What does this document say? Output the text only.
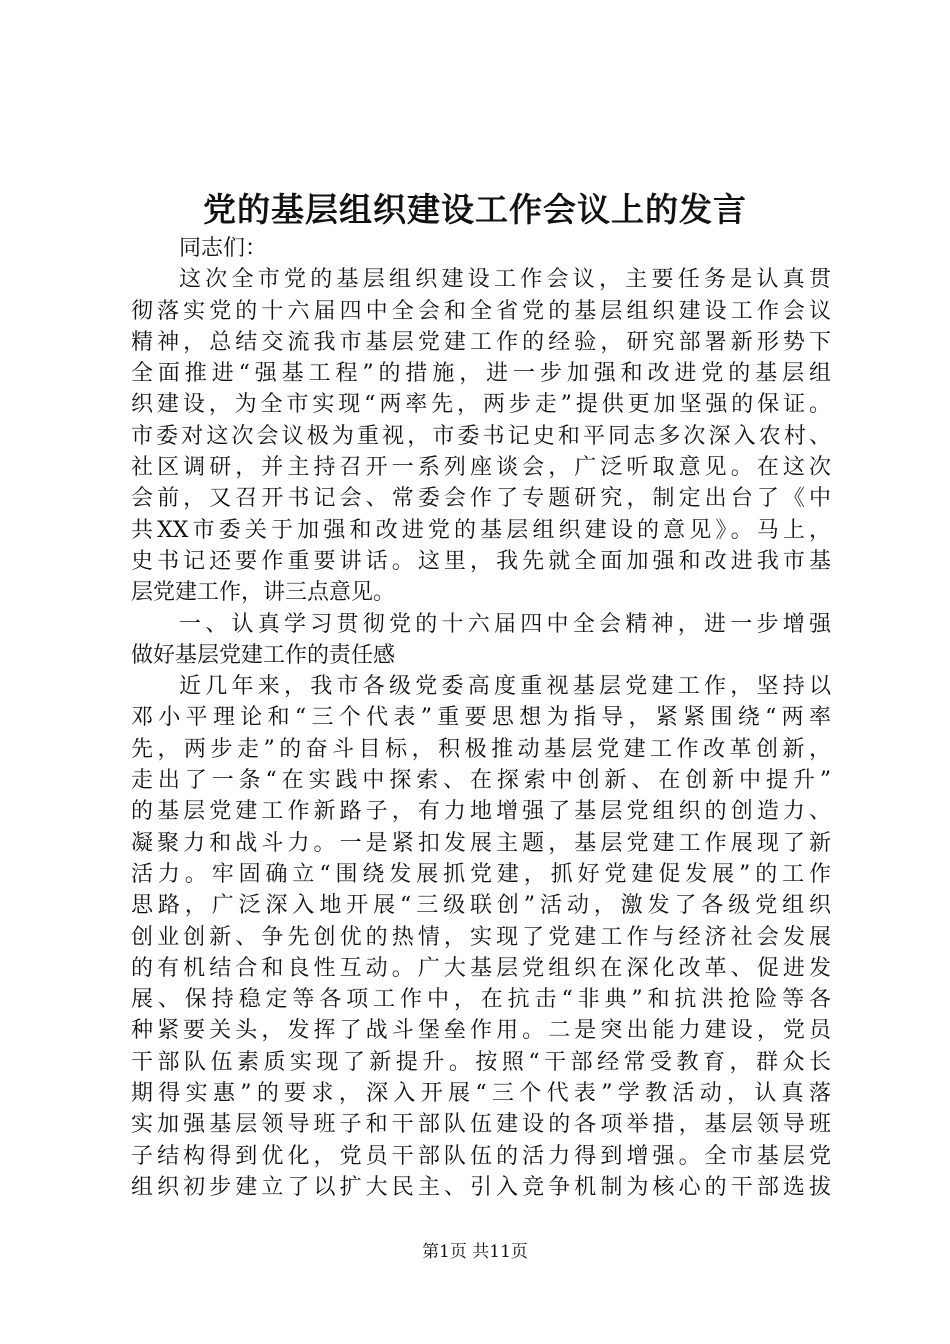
党的基层组织建设工作会议上的发言
同志们：
这次全市党的基层组织建设工作会议，主要任务是认真贯
彻落实党的十六届四中全会和全省党的基层组织建设工作会议
精神，总结交流我市基层党建工作的经验，研究部署新形势下
全面推进“强基工程”的措施，进一步加强和改进党的基层组
织建设，为全市实现“两率先，两步走”提供更加坚强的保证。
市委对这次会议极为重视，市委书记史和平同志多次深入农村、
社区调研，并主持召开一系列座谈会，广泛听取意见。在这次
会前，又召开书记会、常委会作了专题研究，制定出台了《中
共XX市委关于加强和改进党的基层组织建设的意见》。马上，
史书记还要作重要讲话。这里，我先就全面加强和改进我市基
层党建工作，讲三点意见。
一、认真学习贯彻党的十六届四中全会精神，进一步增强
做好基层党建工作的责任感
近几年来，我市各级党委高度重视基层党建工作，坚持以
邓小平理论和“三个代表”重要思想为指导，紧紧围绕“两率
先，两步走”的奋斗目标，积极推动基层党建工作改革创新，
走出了一条“在实践中探索、在探索中创新、在创新中提升”
的基层党建工作新路子，有力地增强了基层党组织的创造力、
凝聚力和战斗力。一是紧扣发展主题，基层党建工作展现了新
活力。牢固确立“围绕发展抓党建，抓好党建促发展”的工作
思路，广泛深入地开展“三级联创”活动，激发了各级党组织
创业创新、争先创优的热情，实现了党建工作与经济社会发展
的有机结合和良性互动。广大基层党组织在深化改革、促进发
展、保持稳定等各项工作中，在抗击“非典”和抗洪抢险等各
种紧要关头，发挥了战斗堡垒作用。二是突出能力建设，党员
干部队伍素质实现了新提升。按照“干部经常受教育，群众长
期得实惠”的要求，深入开展“三个代表”学教活动，认真落
实加强基层领导班子和干部队伍建设的各项举措，基层领导班
子结构得到优化，党员干部队伍的活力得到增强。全市基层党
组织初步建立了以扩大民主、引入竞争机制为核心的干部选拔
第1页 共11页
